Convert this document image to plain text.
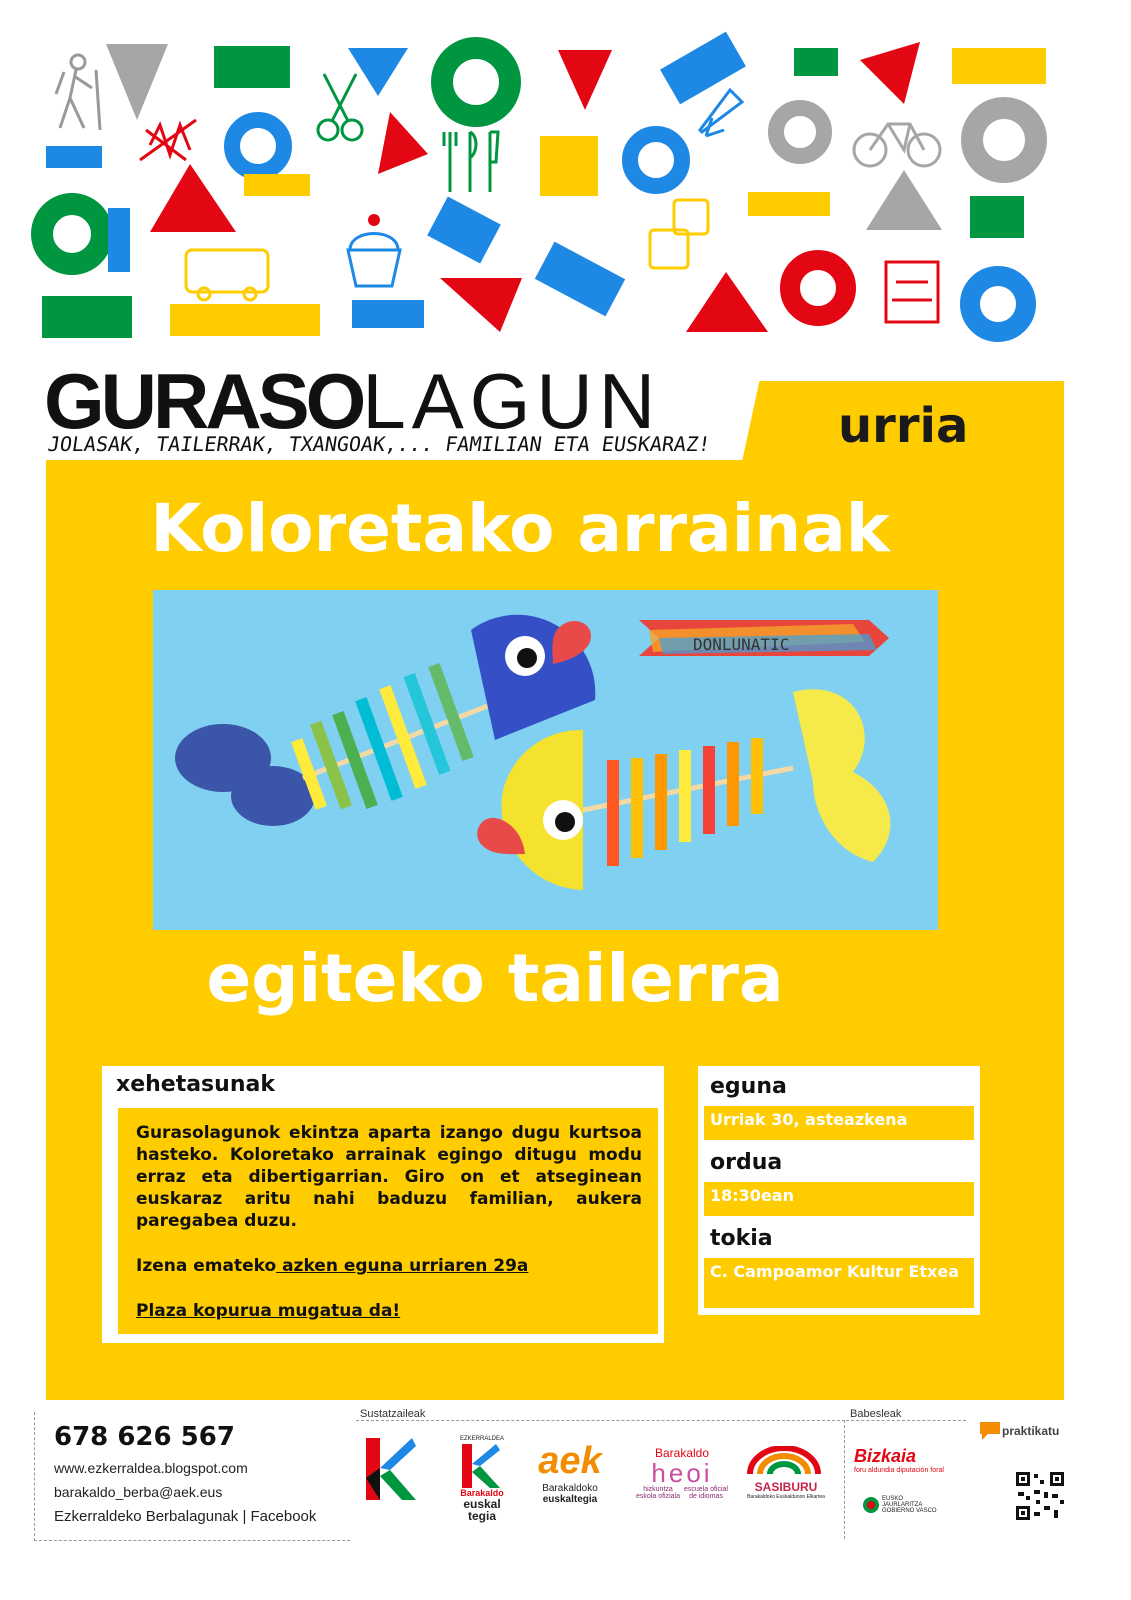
GURASOLAGUN
JOLASAK, TAILERRAK, TXANGOAK,... FAMILIAN ETA EUSKARAZ!	urria
Koloretako arrainak
DONLUNATIC
egiteko tailerra
xehetasunak
Gurasolagunok ekintza aparta izango dugu kurtsoa hasteko. Koloretako arrainak egingo ditugu modu erraz eta dibertigarrian. Giro on et atseginean euskaraz aritu nahi baduzu familian, aukera paregabea duzu.
Izena emateko azken eguna urriaren 29a
Plaza kopurua mugatua da!
eguna
Urriak 30, asteazkena
ordua
18:30ean
tokia
C. Campoamor Kultur Etxea
678 626 567
www.ezkerraldea.blogspot.com
barakaldo_berba@aek.eus
Ezkerraldeko Berbalagunak | Facebook
Sustatzaileak	Babesleak
EZKERRALDEA
Barakaldo
euskal
tegia
aek
Barakaldoko
euskaltegia
Barakaldo
heoi
hizkuntza eskola ofiziala
escuela oficial de idiomas
SASIBURU
Barakaldoko Euskaldunon Elkartea
Bizkaia
foru aldundia diputación foral
EUSKO JAURLARITZA
GOBIERNO VASCO
praktikatu
